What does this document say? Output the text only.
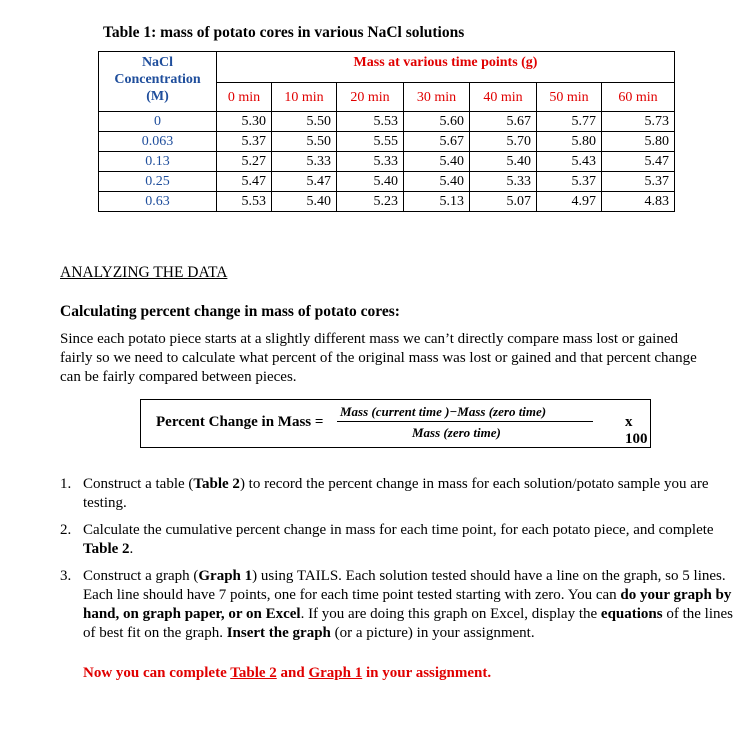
Table 1: mass of potato cores in various NaCl solutions
NaCl
Concentration
(M)	Mass at various time points (g)						
	0 min	10 min	20 min	30 min	40 min	50 min	60 min
0	5.30	5.50	5.53	5.60	5.67	5.77	5.73
0.063	5.37	5.50	5.55	5.67	5.70	5.80	5.80
0.13	5.27	5.33	5.33	5.40	5.40	5.43	5.47
0.25	5.47	5.47	5.40	5.40	5.33	5.37	5.37
0.63	5.53	5.40	5.23	5.13	5.07	4.97	4.83
ANALYZING THE DATA
Calculating percent change in mass of potato cores:
Since each potato piece starts at a slightly different mass we can’t directly compare mass lost or gained fairly so we need to calculate what percent of the original mass was lost or gained and that percent change can be fairly compared between pieces.
Percent Change in Mass =
Mass (current time )−Mass (zero time)
Mass (zero time)
x 100
1. Construct a table (Table 2) to record the percent change in mass for each solution/potato sample you are testing.
2. Calculate the cumulative percent change in mass for each time point, for each potato piece, and complete Table 2.
3. Construct a graph (Graph 1) using TAILS. Each solution tested should have a line on the graph, so 5 lines. Each line should have 7 points, one for each time point tested starting with zero. You can do your graph by hand, on graph paper, or on Excel. If you are doing this graph on Excel, display the equations of the lines of best fit on the graph. Insert the graph (or a picture) in your assignment.
Now you can complete Table 2 and Graph 1 in your assignment.
